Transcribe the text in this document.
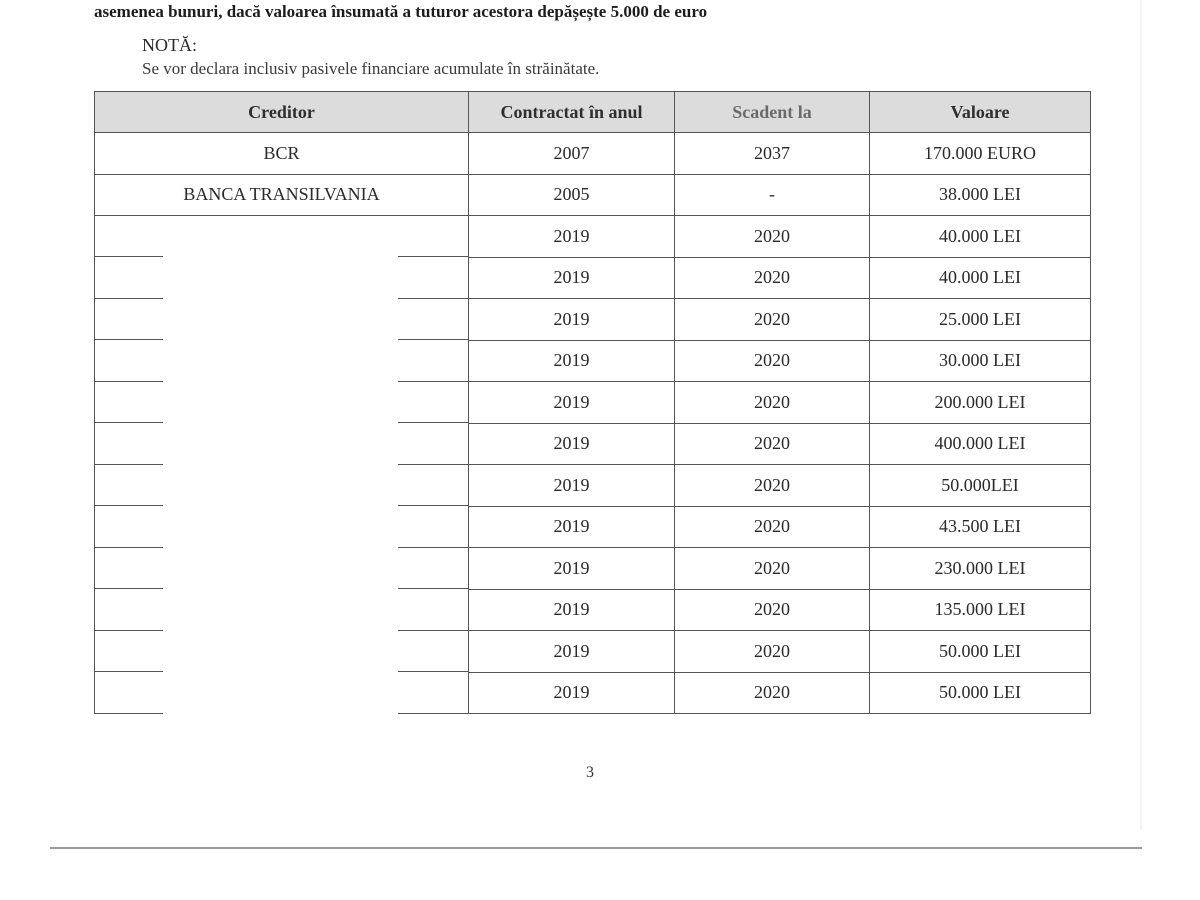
asemenea bunuri, dacă valoarea însumată a tuturor acestora depășește 5.000 de euro
NOTĂ:
Se vor declara inclusiv pasivele financiare acumulate în străinătate.
Creditor	Contractat în anul	Scadent la	Valoare
BCR	2007	2037	170.000 EURO
BANCA TRANSILVANIA	2005	-	38.000 LEI

	2019	2020	40.000 LEI

	2019	2020	40.000 LEI

	2019	2020	25.000 LEI

	2019	2020	30.000 LEI

	2019	2020	200.000 LEI

	2019	2020	400.000 LEI

	2019	2020	50.000LEI

	2019	2020	43.500 LEI

	2019	2020	230.000 LEI

	2019	2020	135.000 LEI

	2019	2020	50.000 LEI

	2019	2020	50.000 LEI
3
